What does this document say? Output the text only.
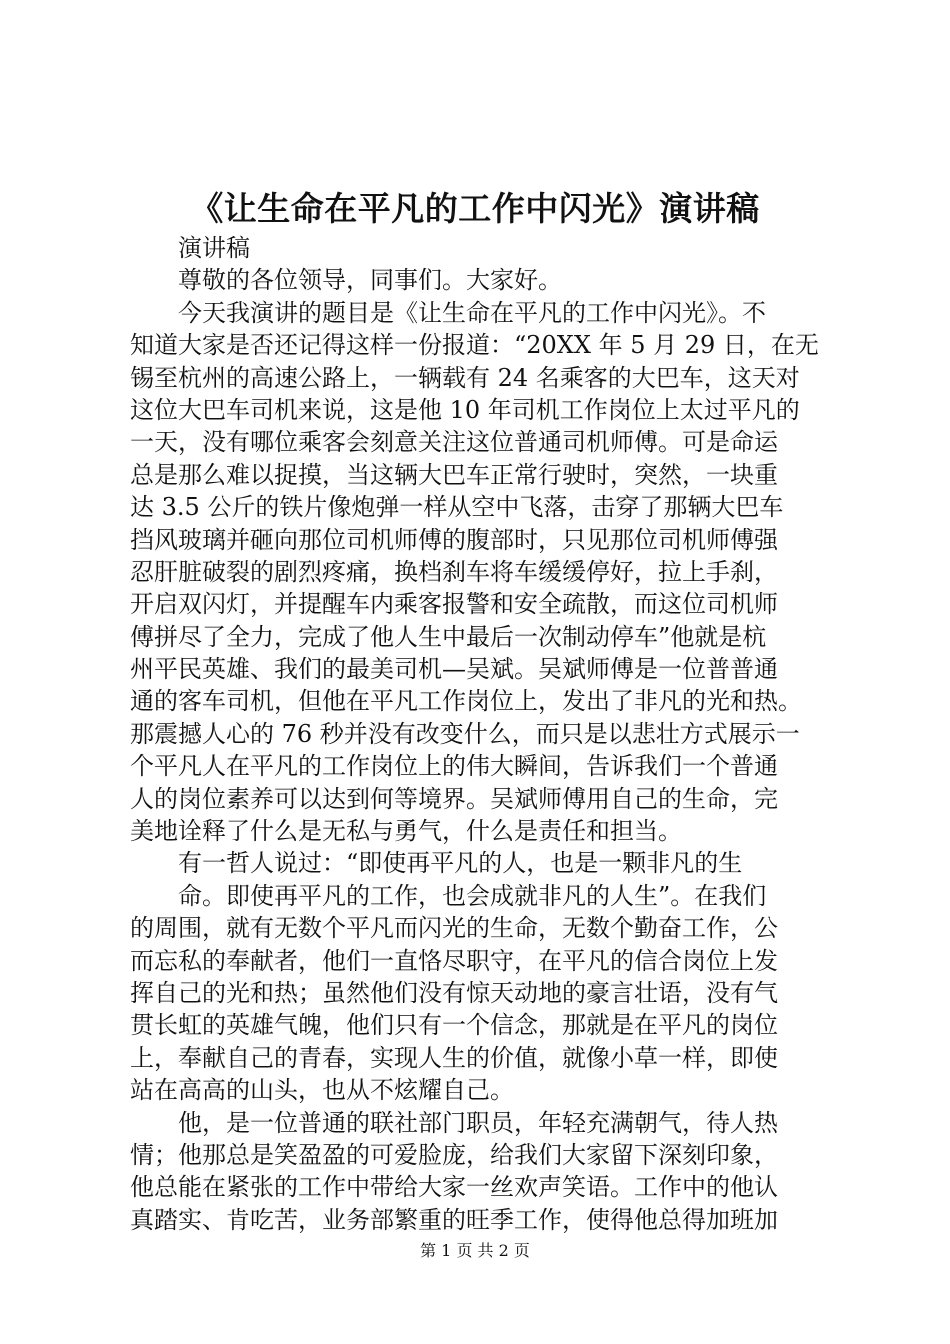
《让生命在平凡的工作中闪光》演讲稿
演讲稿
尊敬的各位领导，同事们。大家好。
今天我演讲的题目是《让生命在平凡的工作中闪光》。不
知道大家是否还记得这样一份报道：“20XX 年 5 月 29 日，在无
锡至杭州的高速公路上，一辆载有 24 名乘客的大巴车，这天对
这位大巴车司机来说，这是他 10 年司机工作岗位上太过平凡的
一天，没有哪位乘客会刻意关注这位普通司机师傅。可是命运
总是那么难以捉摸，当这辆大巴车正常行驶时，突然，一块重
达 3.5 公斤的铁片像炮弹一样从空中飞落，击穿了那辆大巴车
挡风玻璃并砸向那位司机师傅的腹部时，只见那位司机师傅强
忍肝脏破裂的剧烈疼痛，换档刹车将车缓缓停好，拉上手刹，
开启双闪灯，并提醒车内乘客报警和安全疏散，而这位司机师
傅拼尽了全力，完成了他人生中最后一次制动停车”他就是杭
州平民英雄、我们的最美司机—吴斌。吴斌师傅是一位普普通
通的客车司机，但他在平凡工作岗位上，发出了非凡的光和热。
那震撼人心的 76 秒并没有改变什么，而只是以悲壮方式展示一
个平凡人在平凡的工作岗位上的伟大瞬间，告诉我们一个普通
人的岗位素养可以达到何等境界。吴斌师傅用自己的生命，完
美地诠释了什么是无私与勇气，什么是责任和担当。
有一哲人说过：“即使再平凡的人，也是一颗非凡的生
命。即使再平凡的工作，也会成就非凡的人生”。在我们
的周围，就有无数个平凡而闪光的生命，无数个勤奋工作，公
而忘私的奉献者，他们一直恪尽职守，在平凡的信合岗位上发
挥自己的光和热；虽然他们没有惊天动地的豪言壮语，没有气
贯长虹的英雄气魄，他们只有一个信念，那就是在平凡的岗位
上，奉献自己的青春，实现人生的价值，就像小草一样，即使
站在高高的山头，也从不炫耀自己。
他，是一位普通的联社部门职员，年轻充满朝气，待人热
情；他那总是笑盈盈的可爱脸庞，给我们大家留下深刻印象，
他总能在紧张的工作中带给大家一丝欢声笑语。工作中的他认
真踏实、肯吃苦，业务部繁重的旺季工作，使得他总得加班加
第 1 页 共 2 页
